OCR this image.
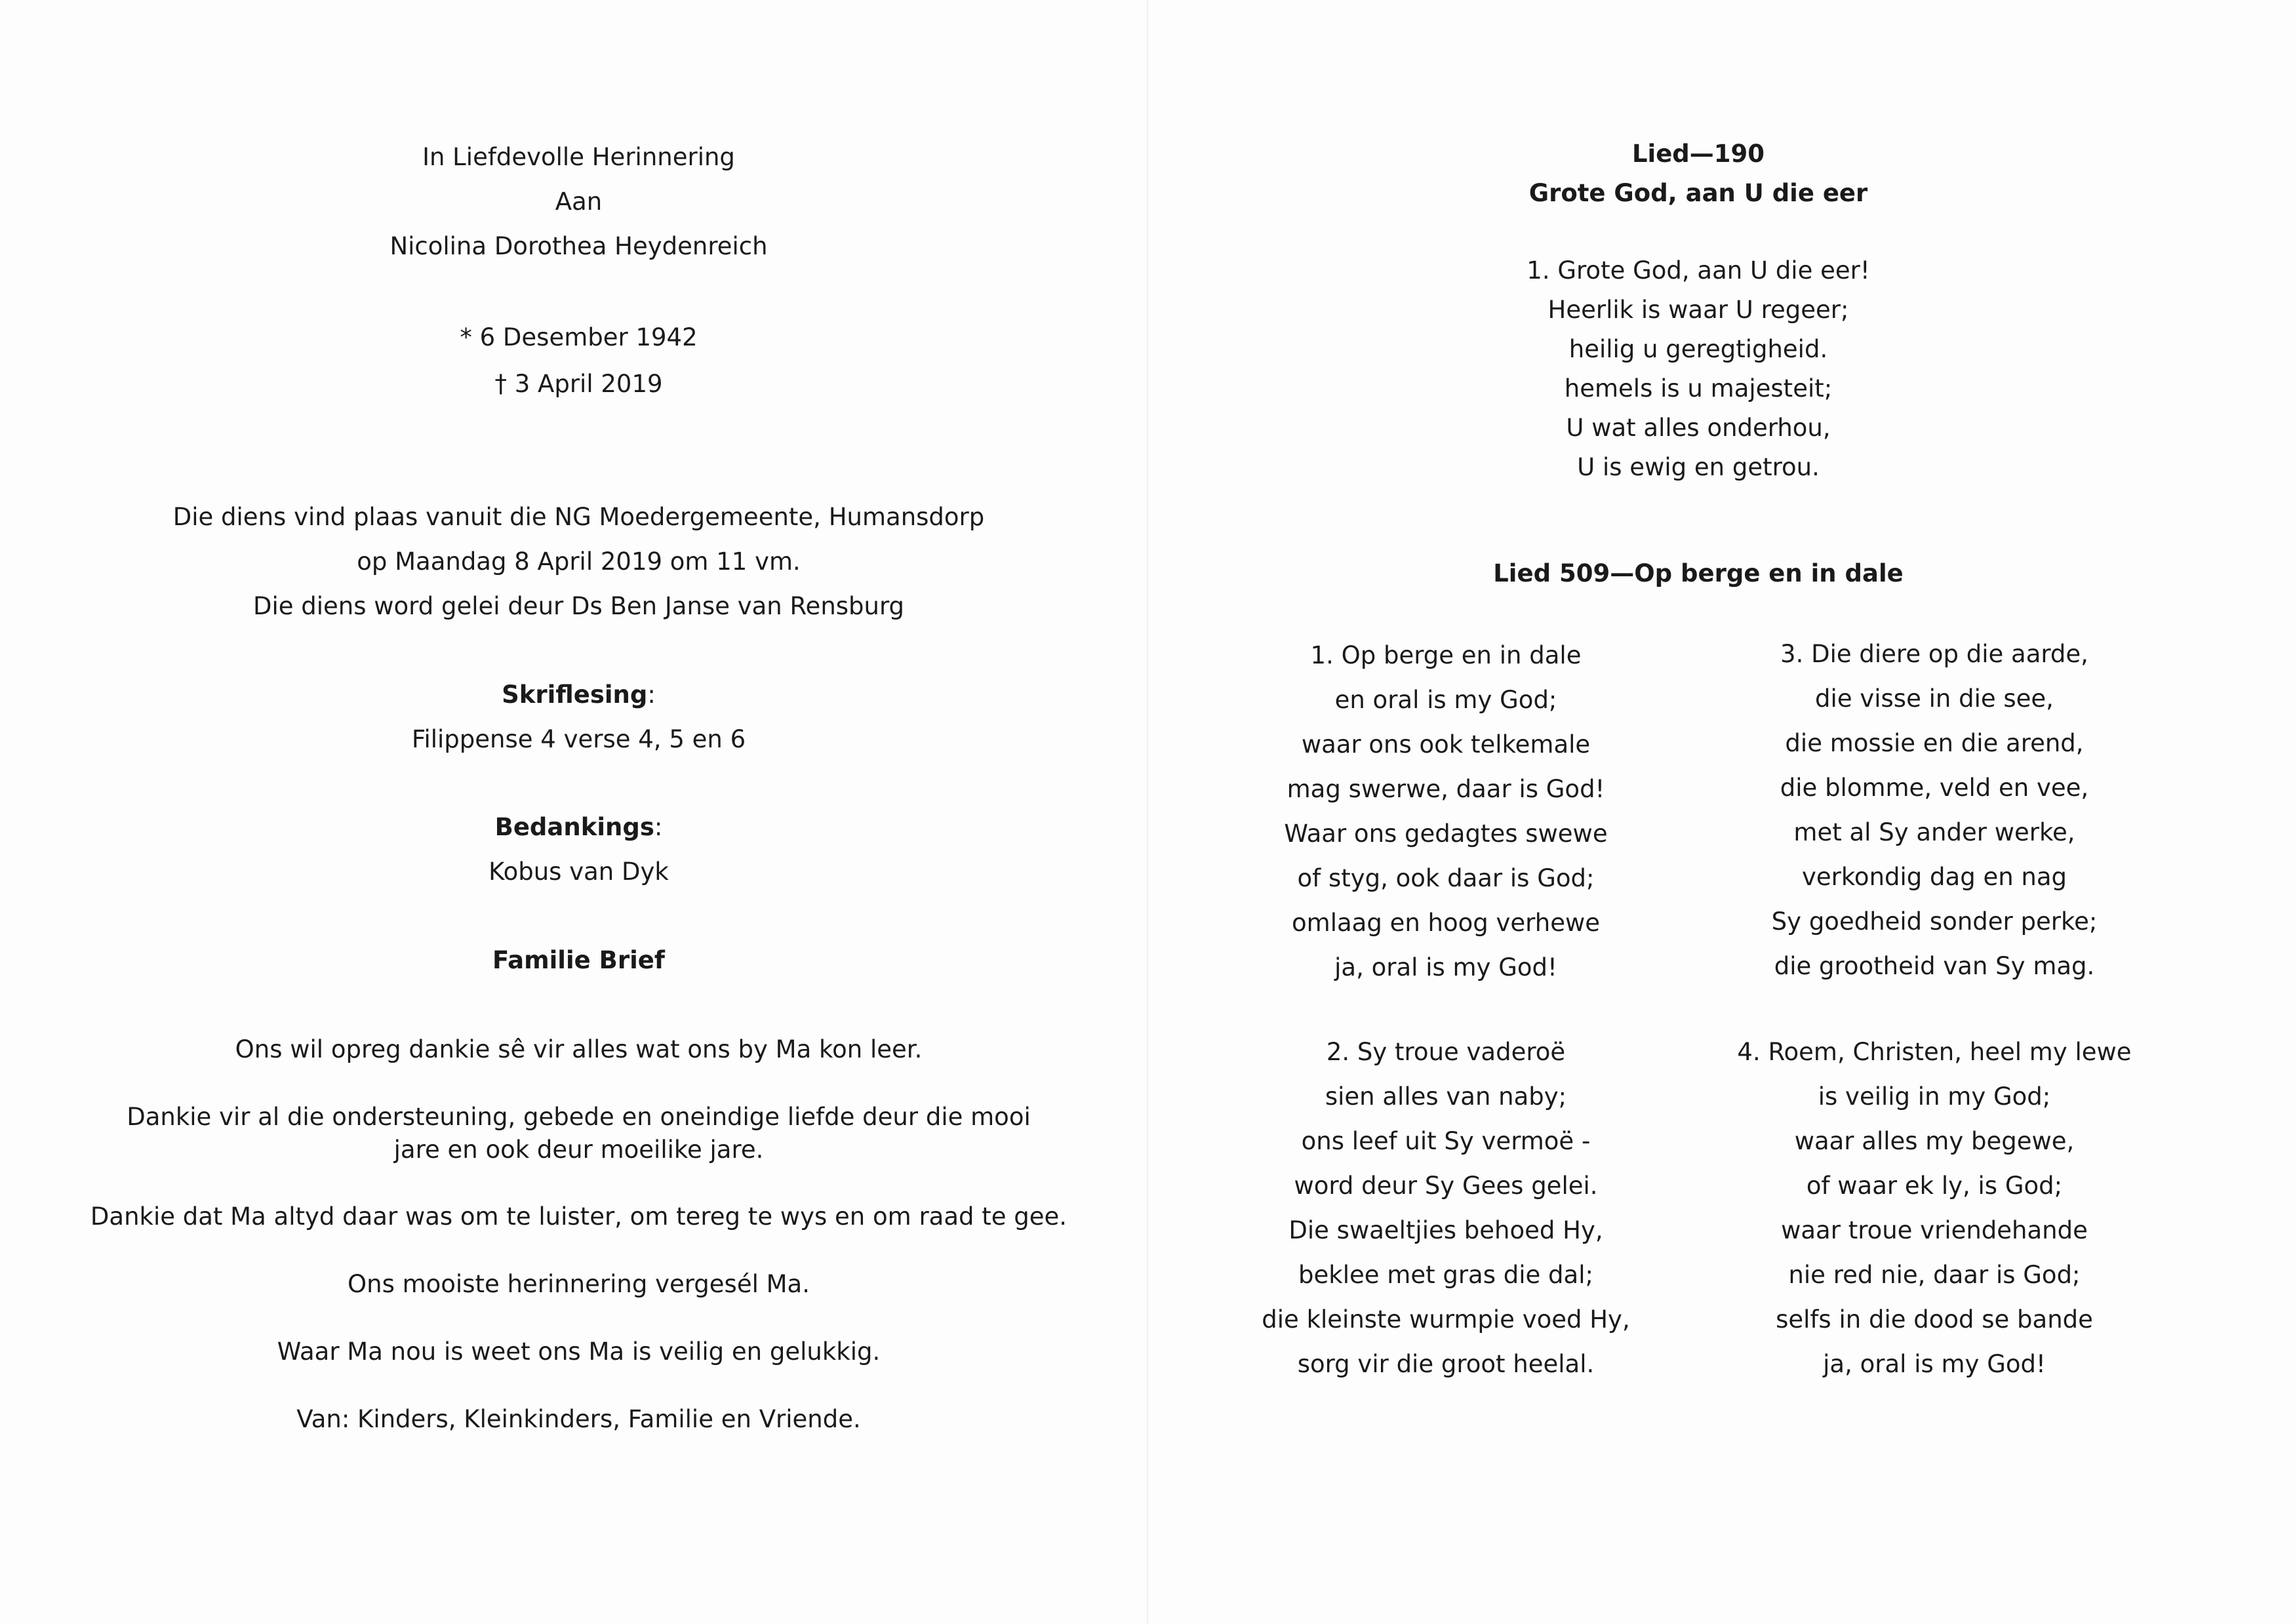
In Liefdevolle Herinnering
Aan
Nicolina Dorothea Heydenreich
* 6 Desember 1942
† 3 April 2019
Die diens vind plaas vanuit die NG Moedergemeente, Humansdorp
op Maandag 8 April 2019 om 11 vm.
Die diens word gelei deur Ds Ben Janse van Rensburg
Skriflesing:
Filippense 4 verse 4, 5 en 6
Bedankings:
Kobus van Dyk
Familie Brief
Ons wil opreg dankie sê vir alles wat ons by Ma kon leer.
Dankie vir al die ondersteuning, gebede en oneindige liefde deur die mooi
jare en ook deur moeilike jare.
Dankie dat Ma altyd daar was om te luister, om tereg te wys en om raad te gee.
Ons mooiste herinnering vergesél Ma.
Waar Ma nou is weet ons Ma is veilig en gelukkig.
Van: Kinders, Kleinkinders, Familie en Vriende.
Lied—190
Grote God, aan U die eer
1. Grote God, aan U die eer!
Heerlik is waar U regeer;
heilig u geregtigheid.
hemels is u majesteit;
U wat alles onderhou,
U is ewig en getrou.
Lied 509—Op berge en in dale
1. Op berge en in dale
en oral is my God;
waar ons ook telkemale
mag swerwe, daar is God!
Waar ons gedagtes swewe
of styg, ook daar is God;
omlaag en hoog verhewe
ja, oral is my God!
2. Sy troue vaderoë
sien alles van naby;
ons leef uit Sy vermoë -
word deur Sy Gees gelei.
Die swaeltjies behoed Hy,
beklee met gras die dal;
die kleinste wurmpie voed Hy,
sorg vir die groot heelal.
3. Die diere op die aarde,
die visse in die see,
die mossie en die arend,
die blomme, veld en vee,
met al Sy ander werke,
verkondig dag en nag
Sy goedheid sonder perke;
die grootheid van Sy mag.
4. Roem, Christen, heel my lewe
is veilig in my God;
waar alles my begewe,
of waar ek ly, is God;
waar troue vriendehande
nie red nie, daar is God;
selfs in die dood se bande
ja, oral is my God!
